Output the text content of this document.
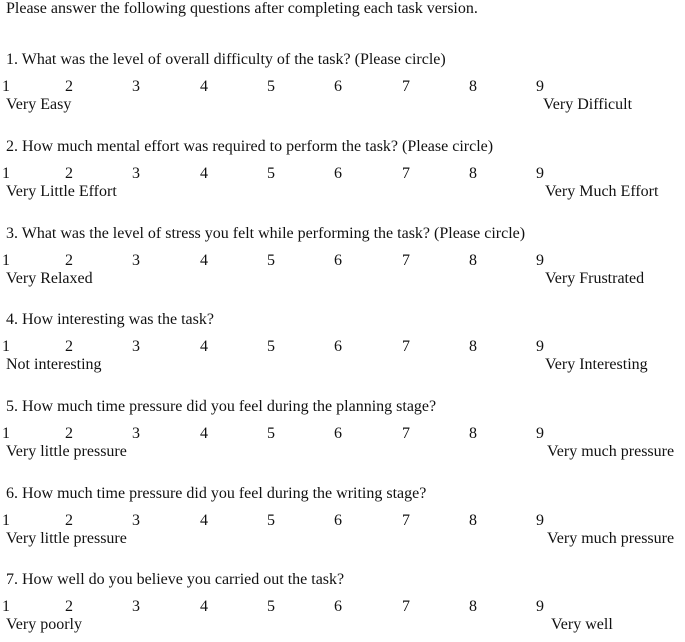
Please answer the following questions after completing each task version.
1. What was the level of overall difficulty of the task? (Please circle)
1	2	3	4	5	6	7	8	9
Very Easy	Very Difficult
2. How much mental effort was required to perform the task? (Please circle)
1	2	3	4	5	6	7	8	9
Very Little Effort	Very Much Effort
3. What was the level of stress you felt while performing the task? (Please circle)
1	2	3	4	5	6	7	8	9
Very Relaxed	Very Frustrated
4. How interesting was the task?
1	2	3	4	5	6	7	8	9
Not interesting	Very Interesting
5. How much time pressure did you feel during the planning stage?
1	2	3	4	5	6	7	8	9
Very little pressure	Very much pressure
6. How much time pressure did you feel during the writing stage?
1	2	3	4	5	6	7	8	9
Very little pressure	Very much pressure
7. How well do you believe you carried out the task?
1	2	3	4	5	6	7	8	9
Very poorly	Very well
